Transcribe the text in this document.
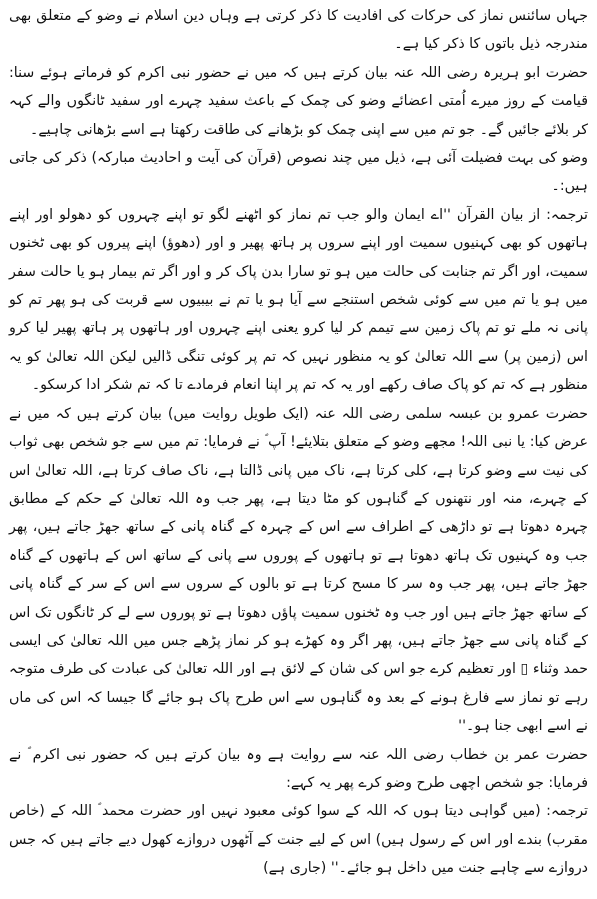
جہاں سائنس نماز کی حرکات کی افادیت کا ذکر کرتی ہے وہاں دین اسلام نے وضو کے متعلق بھی مندرجہ ذیل باتوں کا ذکر کیا ہے۔

حضرت ابو ہریرہ رضی اللہ عنہ بیان کرتے ہیں کہ میں نے حضور نبی اکرم کو فرماتے ہوئے سنا: قیامت کے روز میرے اُمتی اعضائے وضو کی چمک کے باعث سفید چہرے اور سفید ٹانگوں والے کہہ کر بلائے جائیں گے۔ جو تم میں سے اپنی چمک کو بڑھانے کی طاقت رکھتا ہے اسے بڑھانی چاہیے۔

وضو کی بہت فضیلت آئی ہے، ذیل میں چند نصوص (قرآن کی آیت و احادیث مبارکہ) ذکر کی جاتی ہیں:۔

ترجمہ: از بیان القرآن ''اے ایمان والو جب تم نماز کو اٹھنے لگو تو اپنے چہروں کو دھولو اور اپنے ہاتھوں کو بھی کہنیوں سمیت اور اپنے سروں پر ہاتھ پھیر و اور (دھوؤ) اپنے پیروں کو بھی ٹخنوں سمیت، اور اگر تم جنابت کی حالت میں ہو تو سارا بدن پاک کر و اور اگر تم بیمار ہو یا حالت سفر میں ہو یا تم میں سے کوئی شخص استنجے سے آیا ہو یا تم نے بیبیوں سے قربت کی ہو پھر تم کو پانی نہ ملے تو تم پاک زمین سے تیمم کر لیا کرو یعنی اپنے چہروں اور ہاتھوں پر ہاتھ پھیر لیا کرو اس (زمین پر) سے اللہ تعالیٰ کو یہ منظور نہیں کہ تم پر کوئی تنگی ڈالیں لیکن اللہ تعالیٰ کو یہ منظور ہے کہ تم کو پاک صاف رکھے اور یہ کہ تم پر اپنا انعام فرمادے تا کہ تم شکر ادا کرسکو۔

حضرت عمرو بن عبسہ سلمی رضی اللہ عنہ (ایک طویل روایت میں) بیان کرتے ہیں کہ میں نے عرض کیا: یا نبی اللہ! مجھے وضو کے متعلق بتلایئے! آپ ؐ نے فرمایا: تم میں سے جو شخص بھی ثواب کی نیت سے وضو کرتا ہے، کلی کرتا ہے، ناک میں پانی ڈالتا ہے، ناک صاف کرتا ہے، اللہ تعالیٰ اس کے چہرے، منہ اور نتھنوں کے گناہوں کو مٹا دیتا ہے، پھر جب وہ اللہ تعالیٰ کے حکم کے مطابق چہرہ دھوتا ہے تو داڑھی کے اطراف سے اس کے چہرہ کے گناہ پانی کے ساتھ جھڑ جاتے ہیں، پھر جب وہ کہنیوں تک ہاتھ دھوتا ہے تو ہاتھوں کے پوروں سے پانی کے ساتھ اس کے ہاتھوں کے گناہ جھڑ جاتے ہیں، پھر جب وہ سر کا مسح کرتا ہے تو بالوں کے سروں سے اس کے سر کے گناہ پانی کے ساتھ جھڑ جاتے ہیں اور جب وہ ٹخنوں سمیت پاؤں دھوتا ہے تو پوروں سے لے کر ٹانگوں تک اس کے گناہ پانی سے جھڑ جاتے ہیں، پھر اگر وہ کھڑے ہو کر نماز پڑھے جس میں اللہ تعالیٰ کی ایسی حمد وثناء ▯ اور تعظیم کرے جو اس کی شان کے لائق ہے اور اللہ تعالیٰ کی عبادت کی طرف متوجہ رہے تو نماز سے فارغ ہونے کے بعد وہ گناہوں سے اس طرح پاک ہو جائے گا جیسا کہ اس کی ماں نے اسے ابھی جنا ہو۔''

حضرت عمر بن خطاب رضی اللہ عنہ سے روایت ہے وہ بیان کرتے ہیں کہ حضور نبی اکرم ؐ نے فرمایا: جو شخص اچھی طرح وضو کرے پھر یہ کہے:

ترجمہ: (میں گواہی دیتا ہوں کہ اللہ کے سوا کوئی معبود نہیں اور حضرت محمد ؐ اللہ کے (خاص مقرب) بندے اور اس کے رسول ہیں) اس کے لیے جنت کے آٹھوں دروازے کھول دیے جاتے ہیں کہ جس دروازے سے چاہے جنت میں داخل ہو جائے۔'' (جاری ہے)
